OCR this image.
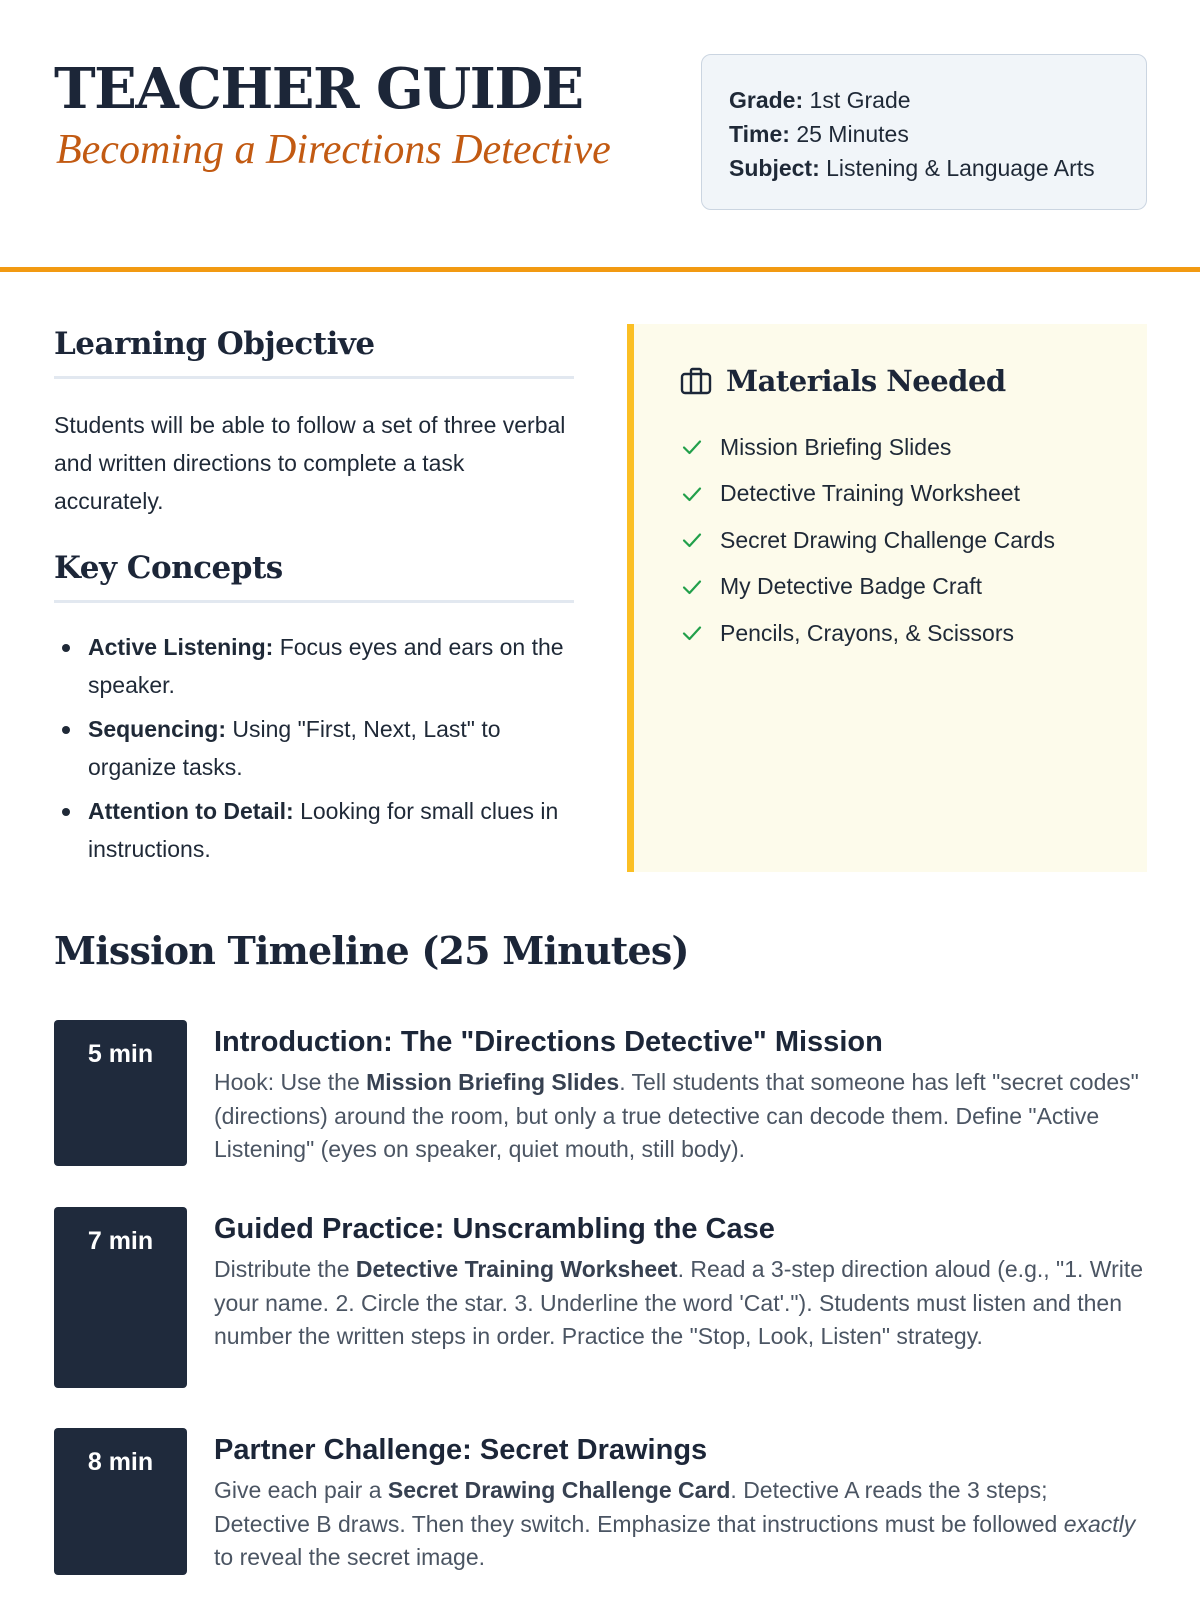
TEACHER GUIDE
Becoming a Directions Detective
Grade: 1st Grade
Time: 25 Minutes
Subject: Listening & Language Arts
Learning Objective
Students will be able to follow a set of three verbal and written directions to complete a task accurately.
Key Concepts
Active Listening: Focus eyes and ears on the speaker.
Sequencing: Using "First, Next, Last" to organize tasks.
Attention to Detail: Looking for small clues in instructions.
Materials Needed
Mission Briefing Slides
Detective Training Worksheet
Secret Drawing Challenge Cards
My Detective Badge Craft
Pencils, Crayons, & Scissors
Mission Timeline (25 Minutes)
5 min	Introduction: The "Directions Detective" Mission
Hook: Use the Mission Briefing Slides. Tell students that someone has left "secret codes" (directions) around the room, but only a true detective can decode them. Define "Active Listening" (eyes on speaker, quiet mouth, still body).
7 min	Guided Practice: Unscrambling the Case
Distribute the Detective Training Worksheet. Read a 3-step direction aloud (e.g., "1. Write your name. 2. Circle the star. 3. Underline the word 'Cat'."). Students must listen and then number the written steps in order. Practice the "Stop, Look, Listen" strategy.
8 min	Partner Challenge: Secret Drawings
Give each pair a Secret Drawing Challenge Card. Detective A reads the 3 steps; Detective B draws. Then they switch. Emphasize that instructions must be followed exactly to reveal the secret image.
